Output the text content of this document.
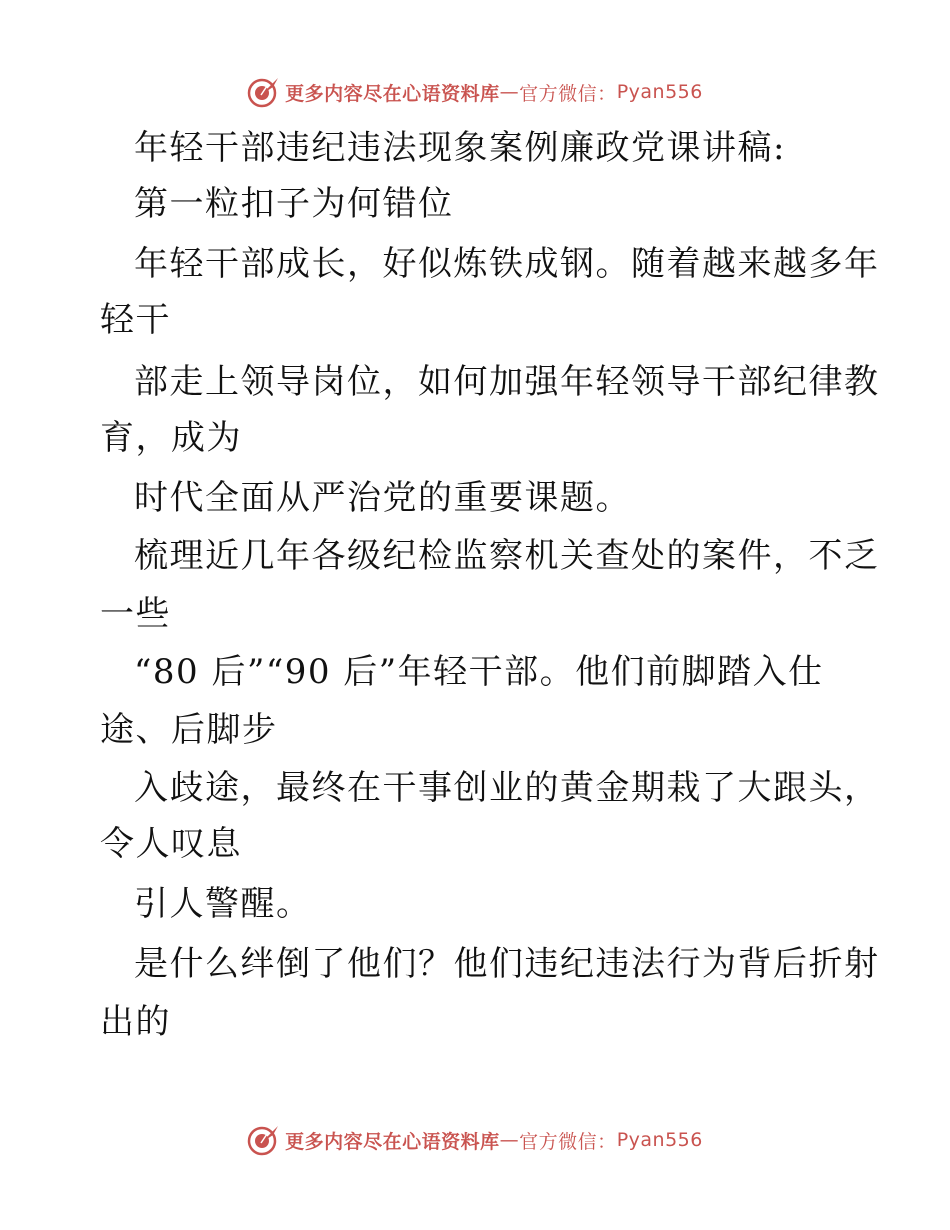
更多内容尽在心语资料库 — 官方微信： Pyan556
年轻干部违纪违法现象案例廉政党课讲稿:
第一粒扣子为何错位
年轻干部成长，好似炼铁成钢。随着越来越多年
轻干
部走上领导岗位，如何加强年轻领导干部纪律教
育，成为
时代全面从严治党的重要课题。
梳理近几年各级纪检监察机关查处的案件，不乏
一些
“80 后”“90 后”年轻干部。他们前脚踏入仕
途、后脚步
入歧途，最终在干事创业的黄金期栽了大跟头，
令人叹息
引人警醒。
是什么绊倒了他们？他们违纪违法行为背后折射
出的
更多内容尽在心语资料库 — 官方微信： Pyan556
